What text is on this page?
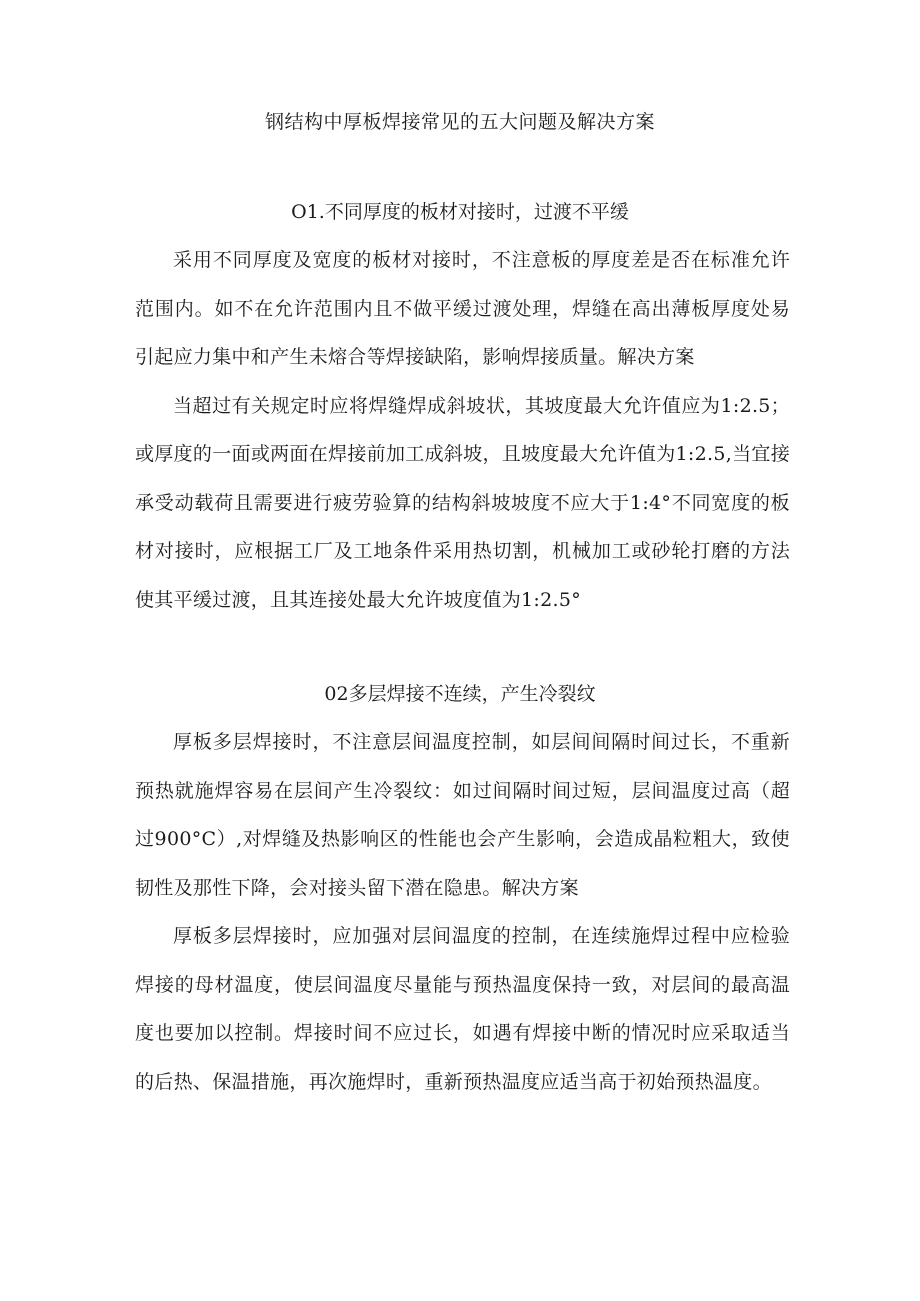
钢结构中厚板焊接常见的五大问题及解决方案
O1.不同厚度的板材对接时，过渡不平缓

采用不同厚度及宽度的板材对接时，不注意板的厚度差是否在标准允许范围内。如不在允许范围内且不做平缓过渡处理，焊缝在高出薄板厚度处易引起应力集中和产生未熔合等焊接缺陷，影响焊接质量。解决方案

当超过有关规定时应将焊缝焊成斜坡状，其坡度最大允许值应为1:2.5；或厚度的一面或两面在焊接前加工成斜坡，且坡度最大允许值为1:2.5,当宜接承受动载荷且需要进行疲劳验算的结构斜坡坡度不应大于1:4°不同宽度的板材对接时，应根据工厂及工地条件采用热切割，机械加工或砂轮打磨的方法使其平缓过渡，且其连接处最大允许坡度值为1:2.5°

02多层焊接不连续，产生冷裂纹

厚板多层焊接时，不注意层间温度控制，如层间间隔时间过长，不重新预热就施焊容易在层间产生冷裂纹：如过间隔时间过短，层间温度过高（超过900°C）,对焊缝及热影响区的性能也会产生影响，会造成晶粒粗大，致使韧性及那性下降，会对接头留下潜在隐患。解决方案

厚板多层焊接时，应加强对层间温度的控制，在连续施焊过程中应检验焊接的母材温度，使层间温度尽量能与预热温度保持一致，对层间的最高温度也要加以控制。焊接时间不应过长，如遇有焊接中断的情况时应采取适当的后热、保温措施，再次施焊时，重新预热温度应适当高于初始预热温度。
